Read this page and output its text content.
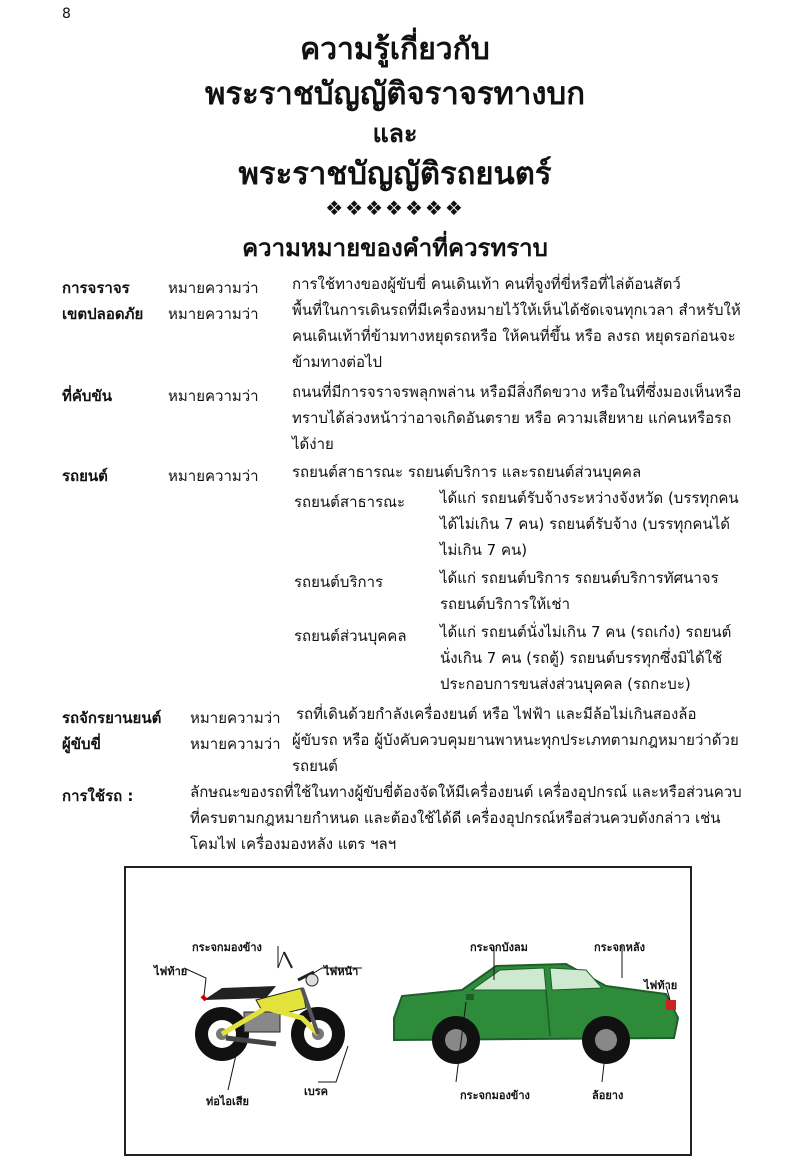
8
ความรู้เกี่ยวกับ
พระราชบัญญัติจราจรทางบก
และ
พระราชบัญญัติรถยนตร์
❖❖❖❖❖❖❖
ความหมายของคำที่ควรทราบ
การจราจร	หมายความว่า การใช้ทางของผู้ขับขี่ คนเดินเท้า คนที่จูงที่ขี่หรือที่ไล่ต้อนสัตว์
เขตปลอดภัย หมายความว่า พื้นที่ในการเดินรถที่มีเครื่องหมายไว้ให้เห็นได้ชัดเจนทุกเวลา สำหรับให้คนเดินเท้าที่ข้ามทางหยุดรถหรือ ให้คนที่ขึ้น หรือ ลงรถ หยุดรอก่อนจะข้ามทางต่อไป
ที่คับขัน	หมายความว่า ถนนที่มีการจราจรพลุกพล่าน หรือมีสิ่งกีดขวาง หรือในที่ซึ่งมองเห็นหรือทราบได้ล่วงหน้าว่าอาจเกิดอันตราย หรือ ความเสียหาย แก่คนหรือรถได้ง่าย
รถยนต์	หมายความว่า รถยนต์สาธารณะ รถยนต์บริการ และรถยนต์ส่วนบุคคล
รถยนต์สาธารณะ ได้แก่ รถยนต์รับจ้างระหว่างจังหวัด (บรรทุกคนได้ไม่เกิน 7 คน) รถยนต์รับจ้าง (บรรทุกคนได้ไม่เกิน 7 คน)
รถยนต์บริการ	ได้แก่ รถยนต์บริการ รถยนต์บริการทัศนาจร รถยนต์บริการให้เช่า
รถยนต์ส่วนบุคคล ได้แก่ รถยนต์นั่งไม่เกิน 7 คน (รถเก๋ง) รถยนต์นั่งเกิน 7 คน (รถตู้) รถยนต์บรรทุกซึ่งมิได้ใช้ประกอบการขนส่งส่วนบุคคล (รถกะบะ)
รถจักรยานยนต์ หมายความว่า รถที่เดินด้วยกำลังเครื่องยนต์ หรือ ไฟฟ้า และมีล้อไม่เกินสองล้อ
ผู้ขับขี่	หมายความว่า ผู้ขับรถ หรือ ผู้บังคับควบคุมยานพาหนะทุกประเภทตามกฎหมายว่าด้วยรถยนต์
การใช้รถ :	ลักษณะของรถที่ใช้ในทางผู้ขับขี่ต้องจัดให้มีเครื่องยนต์ เครื่องอุปกรณ์ และหรือส่วนควบที่ครบตามกฎหมายกำหนด และต้องใช้ได้ดี เครื่องอุปกรณ์หรือส่วนควบดังกล่าว เช่น โคมไฟ เครื่องมองหลัง แตร ฯลฯ
กระจกมองข้าง
ไฟท้าย	ไฟหน้า
กระจกบังลม	กระจกหลัง
ไฟท้าย
ท่อไอเสีย
เบรค	กระจกมองข้าง	ล้อยาง
